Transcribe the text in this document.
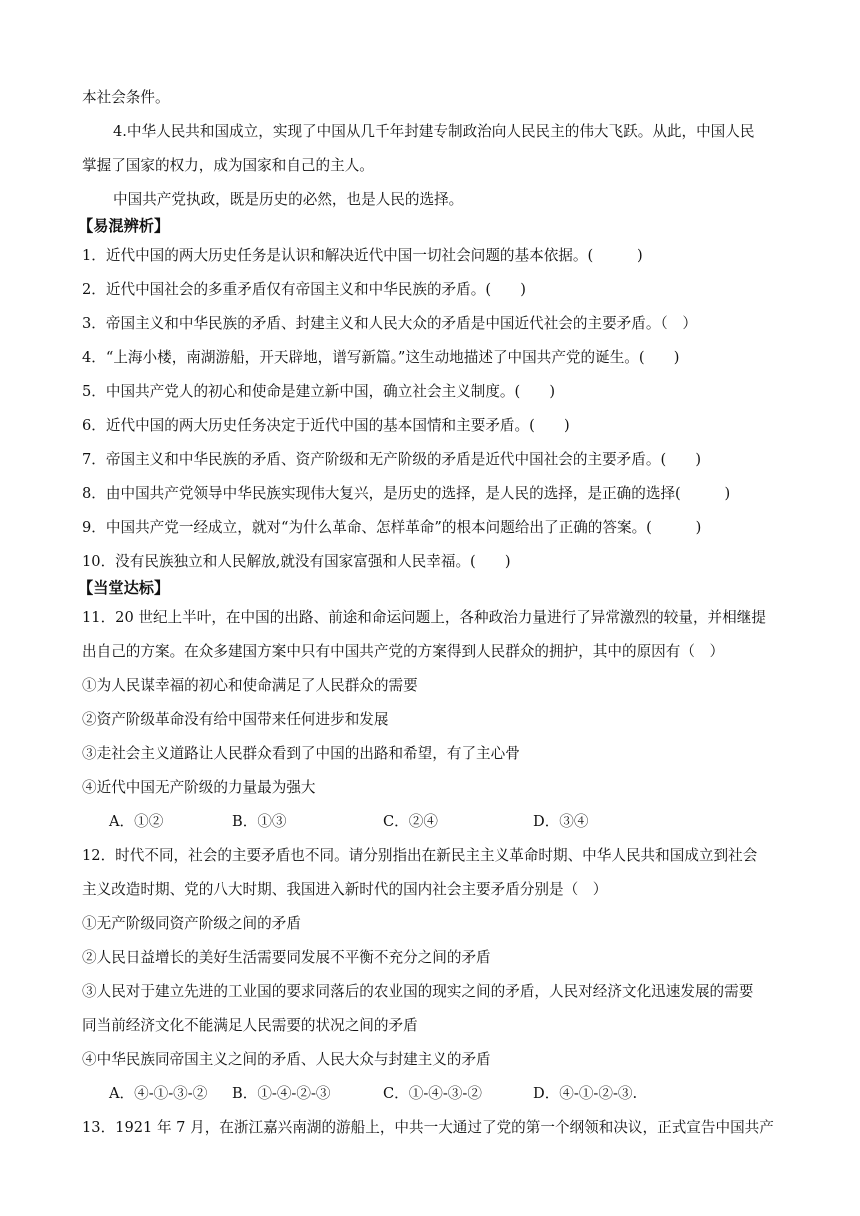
本社会条件。
4.中华人民共和国成立，实现了中国从几千年封建专制政治向人民民主的伟大飞跃。从此，中国人民
掌握了国家的权力，成为国家和自己的主人。
中国共产党执政，既是历史的必然，也是人民的选择。
【易混辨析】
1．近代中国的两大历史任务是认识和解决近代中国一切社会问题的基本依据。(　　　)
2．近代中国社会的多重矛盾仅有帝国主义和中华民族的矛盾。(　　)
3．帝国主义和中华民族的矛盾、封建主义和人民大众的矛盾是中国近代社会的主要矛盾。（　）
4．“上海小楼，南湖游船，开天辟地，谱写新篇。”这生动地描述了中国共产党的诞生。(　　)
5．中国共产党人的初心和使命是建立新中国，确立社会主义制度。(　　)
6．近代中国的两大历史任务决定于近代中国的基本国情和主要矛盾。(　　)
7．帝国主义和中华民族的矛盾、资产阶级和无产阶级的矛盾是近代中国社会的主要矛盾。(　　)
8．由中国共产党领导中华民族实现伟大复兴，是历史的选择，是人民的选择，是正确的选择(　　　)
9．中国共产党一经成立，就对“为什么革命、怎样革命”的根本问题给出了正确的答案。(　　　)
10．没有民族独立和人民解放,就没有国家富强和人民幸福。(　　)
【当堂达标】
11．20 世纪上半叶，在中国的出路、前途和命运问题上，各种政治力量进行了异常激烈的较量，并相继提
出自己的方案。在众多建国方案中只有中国共产党的方案得到人民群众的拥护，其中的原因有（　）
①为人民谋幸福的初心和使命满足了人民群众的需要
②资产阶级革命没有给中国带来任何进步和发展
③走社会主义道路让人民群众看到了中国的出路和希望，有了主心骨
④近代中国无产阶级的力量最为强大
A．①②	B．①③	C．②④	D．③④
12．时代不同，社会的主要矛盾也不同。请分别指出在新民主主义革命时期、中华人民共和国成立到社会
主义改造时期、党的八大时期、我国进入新时代的国内社会主要矛盾分别是（　）
①无产阶级同资产阶级之间的矛盾
②人民日益增长的美好生活需要同发展不平衡不充分之间的矛盾
③人民对于建立先进的工业国的要求同落后的农业国的现实之间的矛盾，人民对经济文化迅速发展的需要
同当前经济文化不能满足人民需要的状况之间的矛盾
④中华民族同帝国主义之间的矛盾、人民大众与封建主义的矛盾
A．④-①-③-② B．①-④-②-③	C．①-④-③-②	D．④-①-②-③.
13．1921 年 7 月，在浙江嘉兴南湖的游船上，中共一大通过了党的第一个纲领和决议，正式宣告中国共产
